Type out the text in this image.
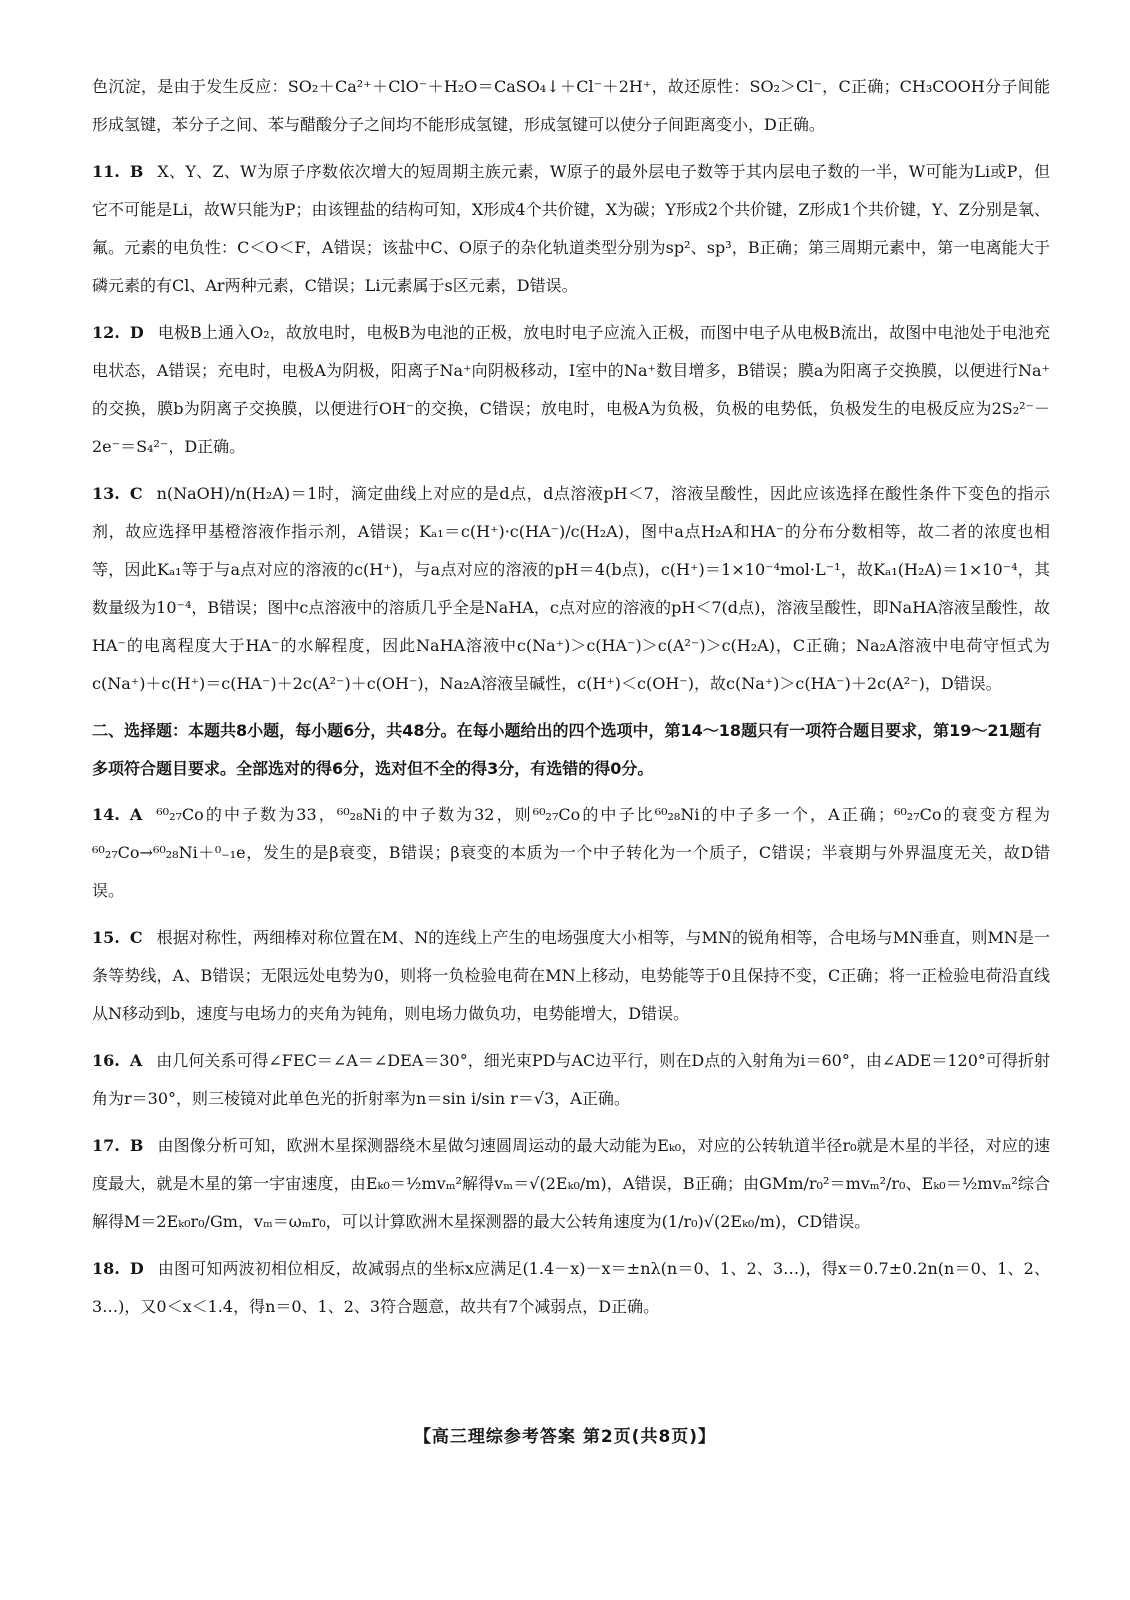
色沉淀，是由于发生反应：SO₂＋Ca²⁺＋ClO⁻＋H₂O＝CaSO₄↓＋Cl⁻＋2H⁺，故还原性：SO₂＞Cl⁻，C正确；CH₃COOH分子间能形成氢键，苯分子之间、苯与醋酸分子之间均不能形成氢键，形成氢键可以使分子间距离变小，D正确。

11. B X、Y、Z、W为原子序数依次增大的短周期主族元素，W原子的最外层电子数等于其内层电子数的一半，W可能为Li或P，但它不可能是Li，故W只能为P；由该锂盐的结构可知，X形成4个共价键，X为碳；Y形成2个共价键，Z形成1个共价键，Y、Z分别是氧、氟。元素的电负性：C＜O＜F，A错误；该盐中C、O原子的杂化轨道类型分别为sp²、sp³，B正确；第三周期元素中，第一电离能大于磷元素的有Cl、Ar两种元素，C错误；Li元素属于s区元素，D错误。

12. D 电极B上通入O₂，故放电时，电极B为电池的正极，放电时电子应流入正极，而图中电子从电极B流出，故图中电池处于电池充电状态，A错误；充电时，电极A为阴极，阳离子Na⁺向阴极移动，Ⅰ室中的Na⁺数目增多，B错误；膜a为阳离子交换膜，以便进行Na⁺的交换，膜b为阴离子交换膜，以便进行OH⁻的交换，C错误；放电时，电极A为负极，负极的电势低，负极发生的电极反应为2S₂²⁻－2e⁻＝S₄²⁻，D正确。

13. C n(NaOH)/n(H₂A)＝1时，滴定曲线上对应的是d点，d点溶液pH＜7，溶液呈酸性，因此应该选择在酸性条件下变色的指示剂，故应选择甲基橙溶液作指示剂，A错误；Kₐ₁＝c(H⁺)·c(HA⁻)/c(H₂A)，图中a点H₂A和HA⁻的分布分数相等，故二者的浓度也相等，因此Kₐ₁等于与a点对应的溶液的c(H⁺)，与a点对应的溶液的pH＝4(b点)，c(H⁺)＝1×10⁻⁴mol·L⁻¹，故Kₐ₁(H₂A)＝1×10⁻⁴，其数量级为10⁻⁴，B错误；图中c点溶液中的溶质几乎全是NaHA，c点对应的溶液的pH＜7(d点)，溶液呈酸性，即NaHA溶液呈酸性，故HA⁻的电离程度大于HA⁻的水解程度，因此NaHA溶液中c(Na⁺)＞c(HA⁻)＞c(A²⁻)＞c(H₂A)，C正确；Na₂A溶液中电荷守恒式为c(Na⁺)＋c(H⁺)＝c(HA⁻)＋2c(A²⁻)＋c(OH⁻)，Na₂A溶液呈碱性，c(H⁺)＜c(OH⁻)，故c(Na⁺)＞c(HA⁻)＋2c(A²⁻)，D错误。

二、选择题：本题共8小题，每小题6分，共48分。在每小题给出的四个选项中，第14～18题只有一项符合题目要求，第19～21题有多项符合题目要求。全部选对的得6分，选对但不全的得3分，有选错的得0分。

14. A ⁶⁰₂₇Co的中子数为33，⁶⁰₂₈Ni的中子数为32，则⁶⁰₂₇Co的中子比⁶⁰₂₈Ni的中子多一个，A正确；⁶⁰₂₇Co的衰变方程为⁶⁰₂₇Co→⁶⁰₂₈Ni＋⁰₋₁e，发生的是β衰变，B错误；β衰变的本质为一个中子转化为一个质子，C错误；半衰期与外界温度无关，故D错误。

15. C 根据对称性，两细棒对称位置在M、N的连线上产生的电场强度大小相等，与MN的锐角相等，合电场与MN垂直，则MN是一条等势线，A、B错误；无限远处电势为0，则将一负检验电荷在MN上移动，电势能等于0且保持不变，C正确；将一正检验电荷沿直线从N移动到b，速度与电场力的夹角为钝角，则电场力做负功，电势能增大，D错误。

16. A 由几何关系可得∠FEC＝∠A＝∠DEA＝30°，细光束PD与AC边平行，则在D点的入射角为i＝60°，由∠ADE＝120°可得折射角为r＝30°，则三棱镜对此单色光的折射率为n＝sin i/sin r＝√3，A正确。

17. B 由图像分析可知，欧洲木星探测器绕木星做匀速圆周运动的最大动能为Eₖ₀，对应的公转轨道半径r₀就是木星的半径，对应的速度最大，就是木星的第一宇宙速度，由Eₖ₀＝½mvₘ²解得vₘ＝√(2Eₖ₀/m)，A错误，B正确；由GMm/r₀²＝mvₘ²/r₀、Eₖ₀＝½mvₘ²综合解得M＝2Eₖ₀r₀/Gm，vₘ＝ωₘr₀，可以计算欧洲木星探测器的最大公转角速度为(1/r₀)√(2Eₖ₀/m)，CD错误。

18. D 由图可知两波初相位相反，故减弱点的坐标x应满足(1.4－x)－x＝±nλ(n＝0、1、2、3…)，得x＝0.7±0.2n(n＝0、1、2、3…)，又0＜x＜1.4，得n＝0、1、2、3符合题意，故共有7个减弱点，D正确。

【高三理综参考答案 第2页(共8页)】
